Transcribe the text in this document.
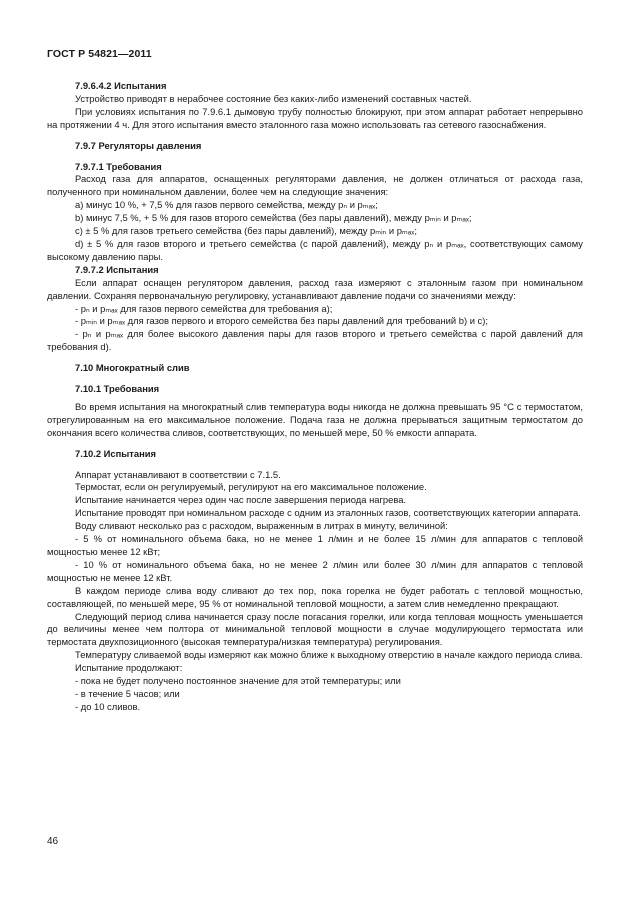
ГОСТ Р 54821—2011

7.9.6.4.2 Испытания

Устройство приводят в нерабочее состояние без каких-либо изменений составных частей.

При условиях испытания по 7.9.6.1 дымовую трубу полностью блокируют, при этом аппарат работает непрерывно на протяжении 4 ч. Для этого испытания вместо эталонного газа можно использовать газ сетевого газоснабжения.

7.9.7 Регуляторы давления

7.9.7.1 Требования

Расход газа для аппаратов, оснащенных регуляторами давления, не должен отличаться от расхода газа, полученного при номинальном давлении, более чем на следующие значения:

a) минус 10 %, + 7,5 % для газов первого семейства, между pₙ и pₘₐₓ;

b) минус 7,5 %, + 5 % для газов второго семейства (без пары давлений), между pₘᵢₙ и pₘₐₓ;

c) ± 5 % для газов третьего семейства (без пары давлений), между pₘᵢₙ и pₘₐₓ;

d) ± 5 % для газов второго и третьего семейства (с парой давлений), между pₙ и pₘₐₓ, соответствующих самому высокому давлению пары.

7.9.7.2 Испытания

Если аппарат оснащен регулятором давления, расход газа измеряют с эталонным газом при номинальном давлении. Сохраняя первоначальную регулировку, устанавливают давление подачи со значениями между:

- pₙ и pₘₐₓ для газов первого семейства для требования a);

- pₘᵢₙ и pₘₐₓ для газов первого и второго семейства без пары давлений для требований b) и c);

- pₙ и pₘₐₓ для более высокого давления пары для газов второго и третьего семейства с парой давлений для требования d).

7.10 Многократный слив

7.10.1 Требования

Во время испытания на многократный слив температура воды никогда не должна превышать 95 °C с термостатом, отрегулированным на его максимальное положение. Подача газа не должна прерываться защитным термостатом до окончания всего количества сливов, соответствующих, по меньшей мере, 50 % емкости аппарата.

7.10.2 Испытания

Аппарат устанавливают в соответствии с 7.1.5.

Термостат, если он регулируемый, регулируют на его максимальное положение.

Испытание начинается через один час после завершения периода нагрева.

Испытание проводят при номинальном расходе с одним из эталонных газов, соответствующих категории аппарата.

Воду сливают несколько раз с расходом, выраженным в литрах в минуту, величиной:

- 5 % от номинального объема бака, но не менее 1 л/мин и не более 15 л/мин для аппаратов с тепловой мощностью менее 12 кВт;

- 10 % от номинального объема бака, но не менее 2 л/мин или более 30 л/мин для аппаратов с тепловой мощностью не менее 12 кВт.

В каждом периоде слива воду сливают до тех пор, пока горелка не будет работать с тепловой мощностью, составляющей, по меньшей мере, 95 % от номинальной тепловой мощности, а затем слив немедленно прекращают.

Следующий период слива начинается сразу после погасания горелки, или когда тепловая мощность уменьшается до величины менее чем полтора от минимальной тепловой мощности в случае модулирующего термостата или термостата двухпозиционного (высокая температура/низкая температура) регулирования.

Температуру сливаемой воды измеряют как можно ближе к выходному отверстию в начале каждого периода слива.

Испытание продолжают:

- пока не будет получено постоянное значение для этой температуры; или

- в течение 5 часов; или

- до 10 сливов.

46
